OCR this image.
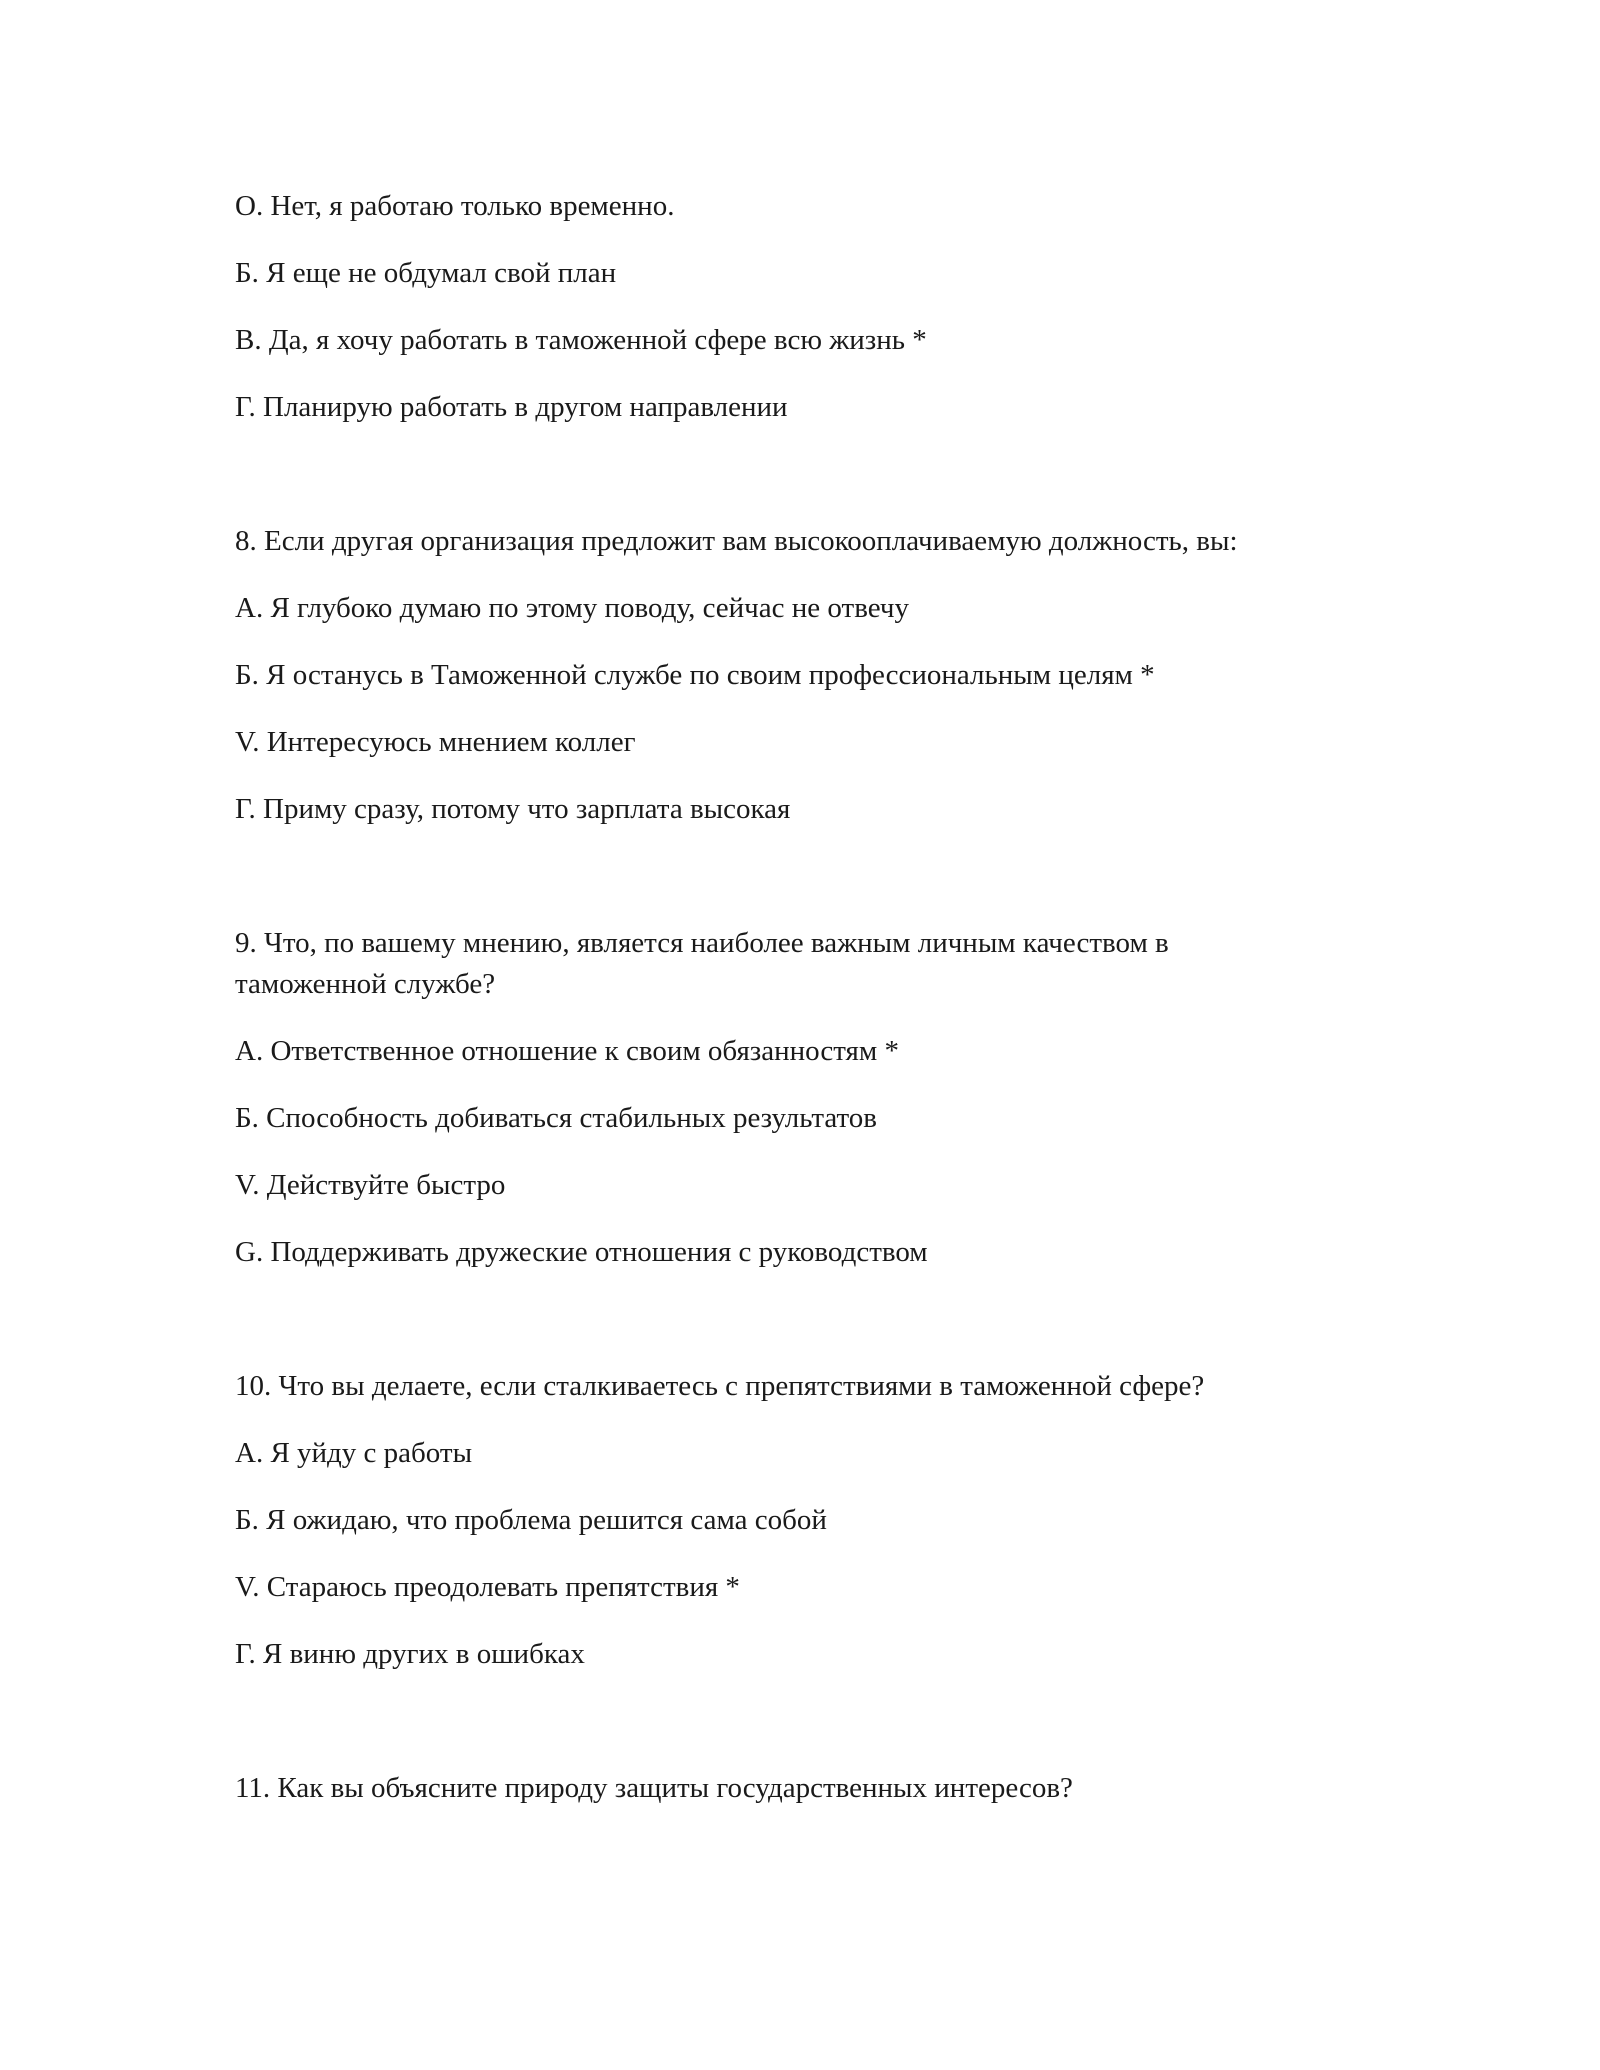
О. Нет, я работаю только временно.
Б. Я еще не обдумал свой план
В. Да, я хочу работать в таможенной сфере всю жизнь *
Г. Планирую работать в другом направлении
8. Если другая организация предложит вам высокооплачиваемую должность, вы:
А. Я глубоко думаю по этому поводу, сейчас не отвечу
Б. Я останусь в Таможенной службе по своим профессиональным целям *
V. Интересуюсь мнением коллег
Г. Приму сразу, потому что зарплата высокая
9. Что, по вашему мнению, является наиболее важным личным качеством в
таможенной службе?
А. Ответственное отношение к своим обязанностям *
Б. Способность добиваться стабильных результатов
V. Действуйте быстро
G. Поддерживать дружеские отношения с руководством
10. Что вы делаете, если сталкиваетесь с препятствиями в таможенной сфере?
А. Я уйду с работы
Б. Я ожидаю, что проблема решится сама собой
V. Стараюсь преодолевать препятствия *
Г. Я виню других в ошибках
11. Как вы объясните природу защиты государственных интересов?
